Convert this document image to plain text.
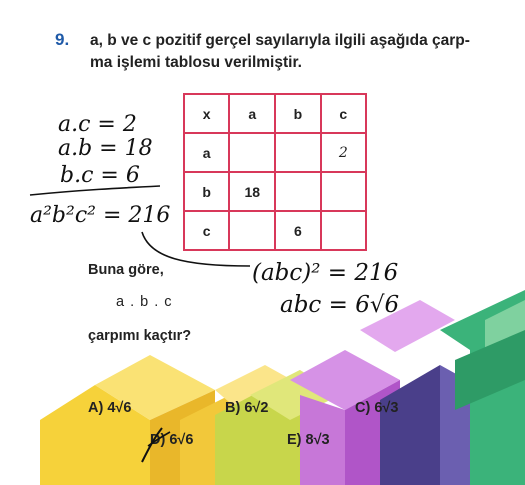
9. a, b ve c pozitif gerçel sayılarıyla ilgili aşağıda çarp-
ma işlemi tablosu verilmiştir.
x	a	b	c
a			2
b	18		
c		6	
a.c = 2
a.b = 18
b.c = 6
a²b²c² = 216
(abc)² = 216
abc = 6√6
Buna göre,
a . b . c
çarpımı kaçtır?
A) 4√6	B) 6√2	C) 6√3
D) 6√6	E) 8√3
